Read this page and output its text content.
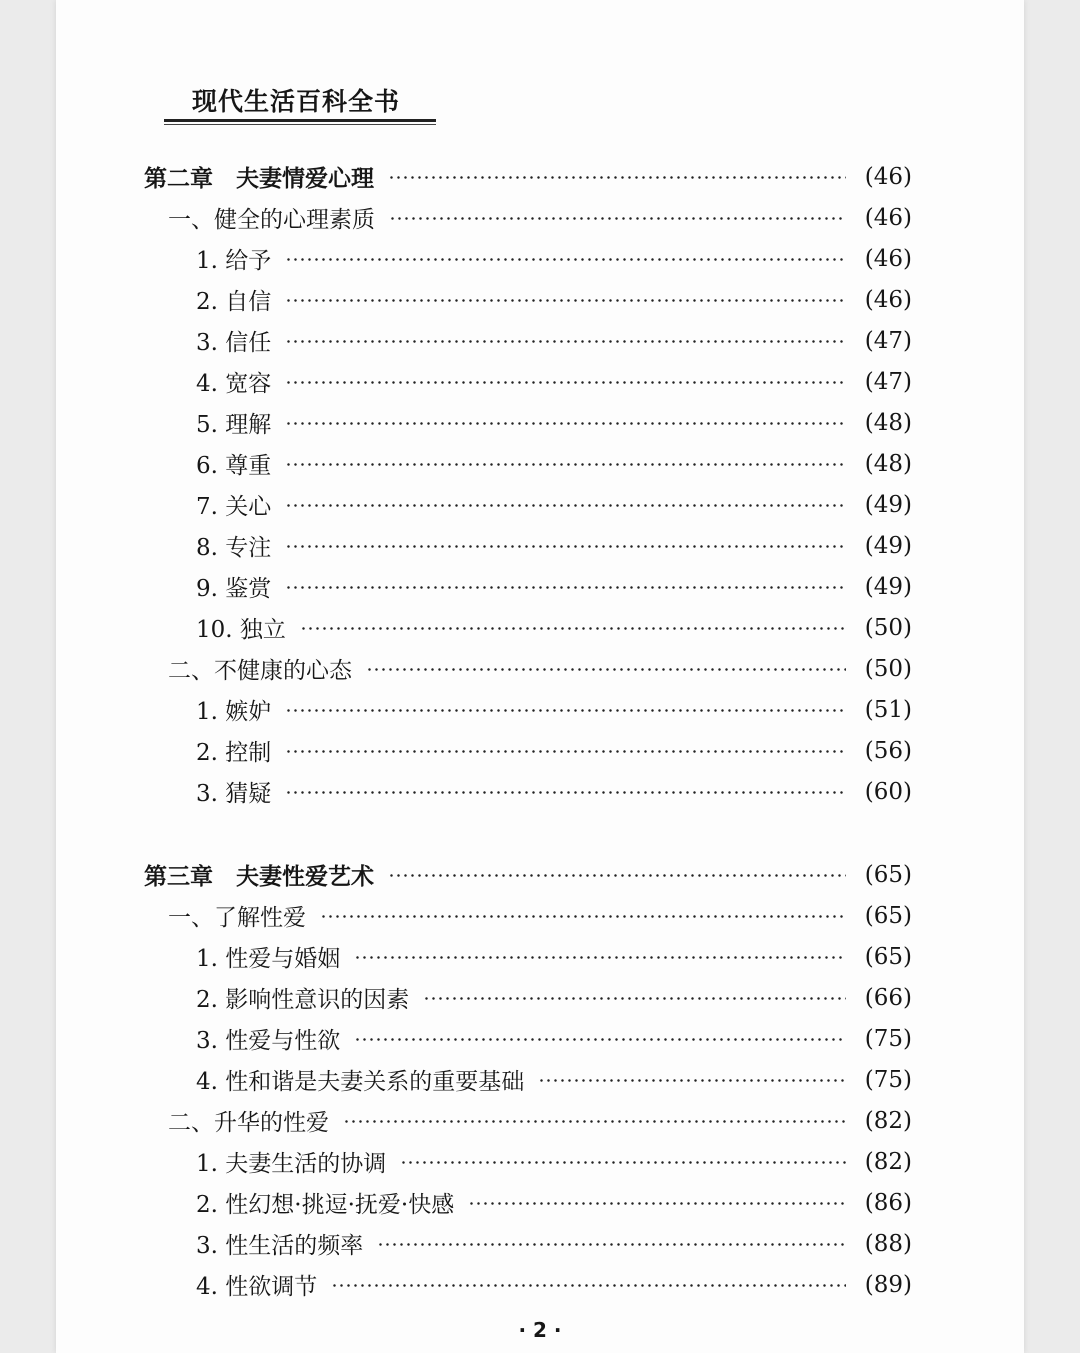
现代生活百科全书
第二章　夫妻情爱心理	(46)
一、健全的心理素质	(46)
1. 给予	(46)
2. 自信	(46)
3. 信任	(47)
4. 宽容	(47)
5. 理解	(48)
6. 尊重	(48)
7. 关心	(49)
8. 专注	(49)
9. 鉴赏	(49)
10. 独立	(50)
二、不健康的心态	(50)
1. 嫉妒	(51)
2. 控制	(56)
3. 猜疑	(60)
第三章　夫妻性爱艺术	(65)
一、了解性爱	(65)
1. 性爱与婚姻	(65)
2. 影响性意识的因素	(66)
3. 性爱与性欲	(75)
4. 性和谐是夫妻关系的重要基础	(75)
二、升华的性爱	(82)
1. 夫妻生活的协调	(82)
2. 性幻想·挑逗·抚爱·快感	(86)
3. 性生活的频率	(88)
4. 性欲调节	(89)
· 2 ·
